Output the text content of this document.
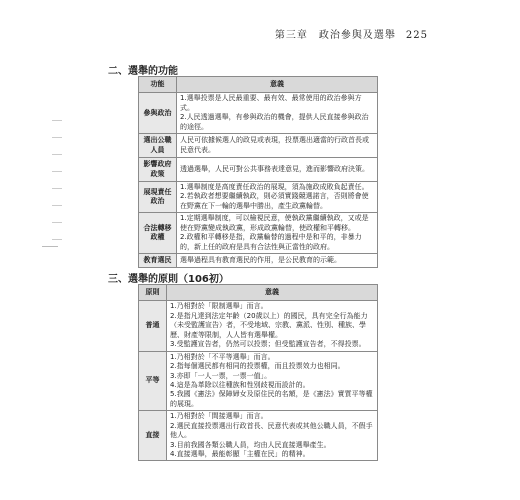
第三章　政治參與及選舉 225
二、選舉的功能
功能	意義
參與政治	1.選舉投票是人民最重要、最有效、最常使用的政治參與方式。
2.人民透過選舉，有參與政治的機會，提供人民直接參與政治的途徑。

選出公職人員	人民可依據候選人的政見或表現，投票選出適當的行政首長或民意代表。

影響政府政策	透過選舉，人民可對公共事務表達意見，進而影響政府決策。

展現責任政治	1.選舉制度是高度責任政治的展現，須為施政成敗負起責任。
2.若執政者想要繼續執政，則必須實踐競選諾言，否則將會使在野黨在下一輪的選舉中勝出，產生政黨輪替。

合法轉移政權	1.定期選舉制度，可以檢視民意，使執政黨繼續執政，又或是使在野黨變成執政黨，形成政黨輪替，使政權和平轉移。
2.政權和平轉移是指，政黨輪替的過程中是和平的，非暴力的，新上任的政府是具有合法性與正當性的政府。

教育選民	選舉過程具有教育選民的作用，是公民教育的示範。
三、選舉的原則（106初）
原則	意義
普通	1.乃相對於「限制選舉」而言。
2.是指凡達到法定年齡（20歲以上）的國民，具有完全行為能力（未受監護宣告）者，不受地域、宗教、黨派、性別、種族、學歷、財產等限制，人人皆有選舉權。
3.受監護宣告者，仍然可以投票；但受監護宣告者，不得投票。

平等	1.乃相對於「不平等選舉」而言。
2.指每個選民都有相同的投票權，而且投票效力也相同。
3.亦即「一人一票，一票一值」。
4.這是為革除以往種族和性別歧視而設計的。
5.我國《憲法》保障婦女及原住民的名額，是《憲法》實質平等權的展現。

直接	1.乃相對於「間接選舉」而言。
2.選民直接投票選出行政首長、民意代表或其他公職人員，不假手他人。
3.目前我國各類公職人員，均由人民直接選舉產生。
4.直接選舉，最能彰顯「主權在民」的精神。
